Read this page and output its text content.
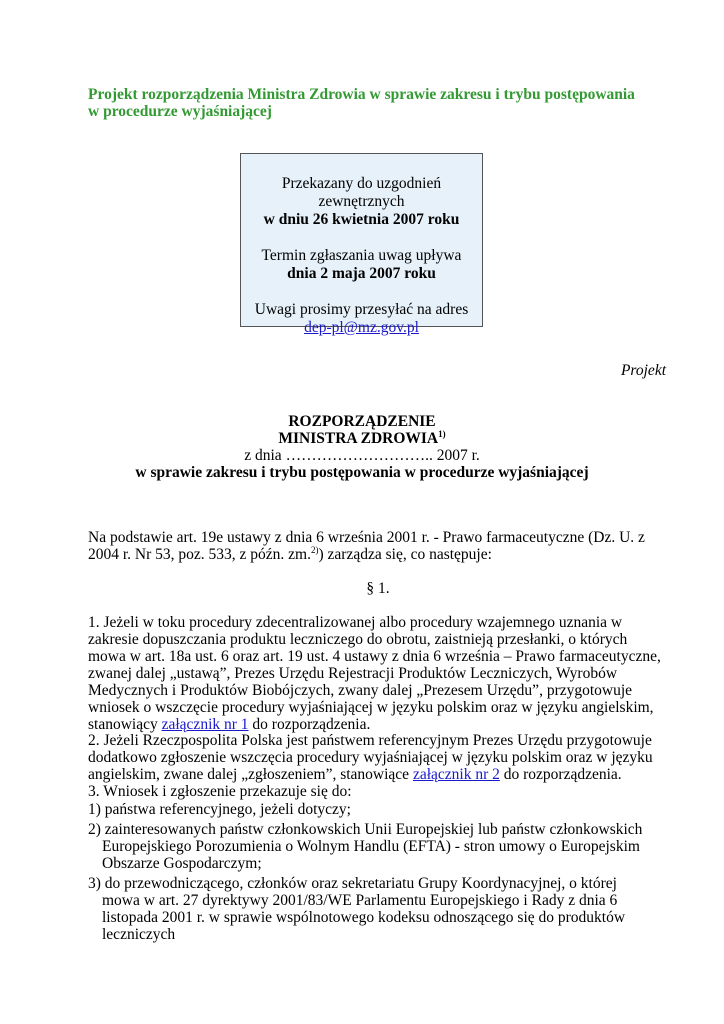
Projekt rozporządzenia Ministra Zdrowia w sprawie zakresu i trybu postępowania w procedurze wyjaśniającej

Przekazany do uzgodnień zewnętrznych

w dniu 26 kwietnia 2007 roku

Termin zgłaszania uwag upływa

dnia 2 maja 2007 roku

Uwagi prosimy przesyłać na adres

dep-pl@mz.gov.pl

Projekt
ROZPORZĄDZENIE
MINISTRA ZDROWIA$^{1)}$
z dnia ……………………….. 2007 r.
w sprawie zakresu i trybu postępowania w procedurze wyjaśniającej
Na podstawie art. 19e ustawy z dnia 6 września 2001 r. - Prawo farmaceutyczne (Dz. U. z 2004 r. Nr 53, poz. 533, z późn. zm.$^{2)}$) zarządza się, co następuje:
§ 1.
1. Jeżeli w toku procedury zdecentralizowanej albo procedury wzajemnego uznania w zakresie dopuszczania produktu leczniczego do obrotu, zaistnieją przesłanki, o których mowa w art. 18a ust. 6 oraz art. 19 ust. 4 ustawy z dnia 6 września – Prawo farmaceutyczne, zwanej dalej „ustawą”, Prezes Urzędu Rejestracji Produktów Leczniczych, Wyrobów Medycznych i Produktów Biobójczych, zwany dalej „Prezesem Urzędu”, przygotowuje wniosek o wszczęcie procedury wyjaśniającej w języku polskim oraz w języku angielskim, stanowiący załącznik nr 1 do rozporządzenia.
2. Jeżeli Rzeczpospolita Polska jest państwem referencyjnym Prezes Urzędu przygotowuje dodatkowo zgłoszenie wszczęcia procedury wyjaśniającej w języku polskim oraz w języku angielskim, zwane dalej „zgłoszeniem”, stanowiące załącznik nr 2 do rozporządzenia.
3. Wniosek i zgłoszenie przekazuje się do:
1) państwa referencyjnego, jeżeli dotyczy;
2) zainteresowanych państw członkowskich Unii Europejskiej lub państw członkowskich Europejskiego Porozumienia o Wolnym Handlu (EFTA) - stron umowy o Europejskim Obszarze Gospodarczym;
3) do przewodniczącego, członków oraz sekretariatu Grupy Koordynacyjnej, o której mowa w art. 27 dyrektywy 2001/83/WE Parlamentu Europejskiego i Rady z dnia 6 listopada 2001 r. w sprawie wspólnotowego kodeksu odnoszącego się do produktów leczniczych
